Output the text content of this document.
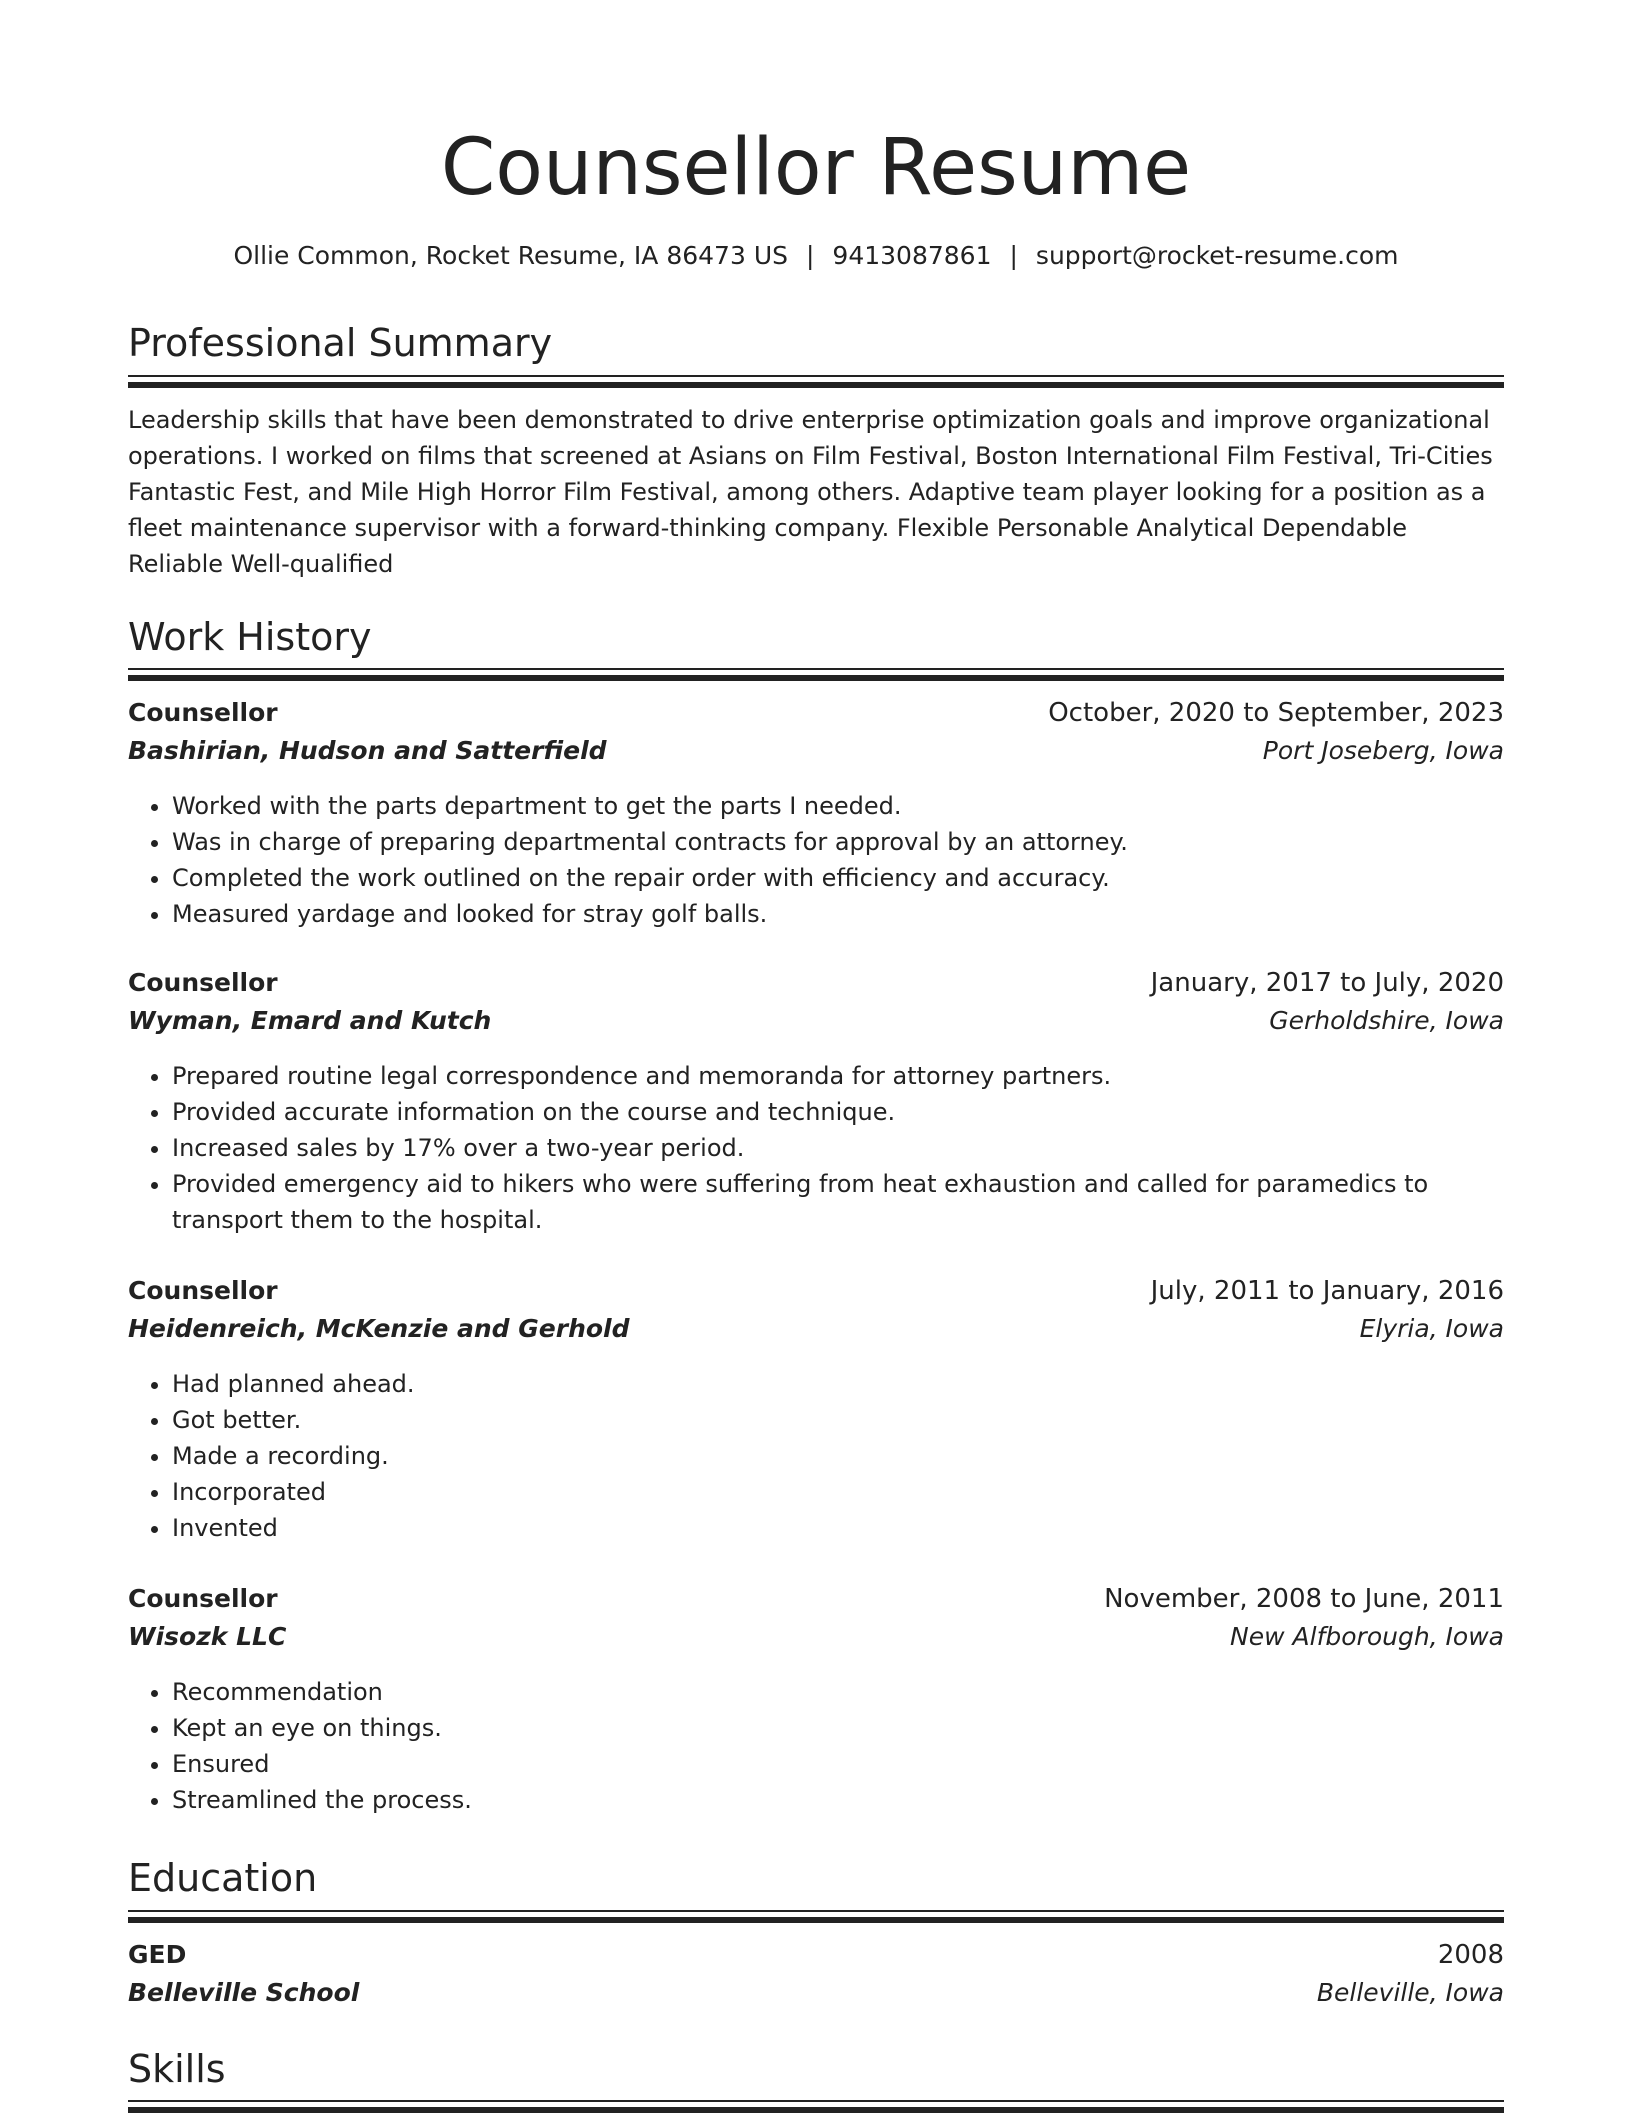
Counsellor Resume
Ollie Common, Rocket Resume, IA 86473 US | 9413087861 | support@rocket-resume.com
Professional Summary

Leadership skills that have been demonstrated to drive enterprise optimization goals and improve organizational operations. I worked on films that screened at Asians on Film Festival, Boston International Film Festival, Tri-Cities Fantastic Fest, and Mile High Horror Film Festival, among others. Adaptive team player looking for a position as a fleet maintenance supervisor with a forward-thinking company. Flexible Personable Analytical Dependable Reliable Well-qualified

Work History
Counsellor	October, 2020 to September, 2023
Bashirian, Hudson and Satterfield	Port Joseberg, Iowa
• Worked with the parts department to get the parts I needed.
• Was in charge of preparing departmental contracts for approval by an attorney.
• Completed the work outlined on the repair order with efficiency and accuracy.
• Measured yardage and looked for stray golf balls.
Counsellor	January, 2017 to July, 2020
Wyman, Emard and Kutch	Gerholdshire, Iowa
• Prepared routine legal correspondence and memoranda for attorney partners.
• Provided accurate information on the course and technique.
• Increased sales by 17% over a two-year period.
• Provided emergency aid to hikers who were suffering from heat exhaustion and called for paramedics to transport them to the hospital.
Counsellor	July, 2011 to January, 2016
Heidenreich, McKenzie and Gerhold	Elyria, Iowa
• Had planned ahead.
• Got better.
• Made a recording.
• Incorporated
• Invented
Counsellor	November, 2008 to June, 2011
Wisozk LLC	New Alfborough, Iowa
• Recommendation
• Kept an eye on things.
• Ensured
• Streamlined the process.
Education
GED	2008
Belleville School	Belleville, Iowa
Skills
